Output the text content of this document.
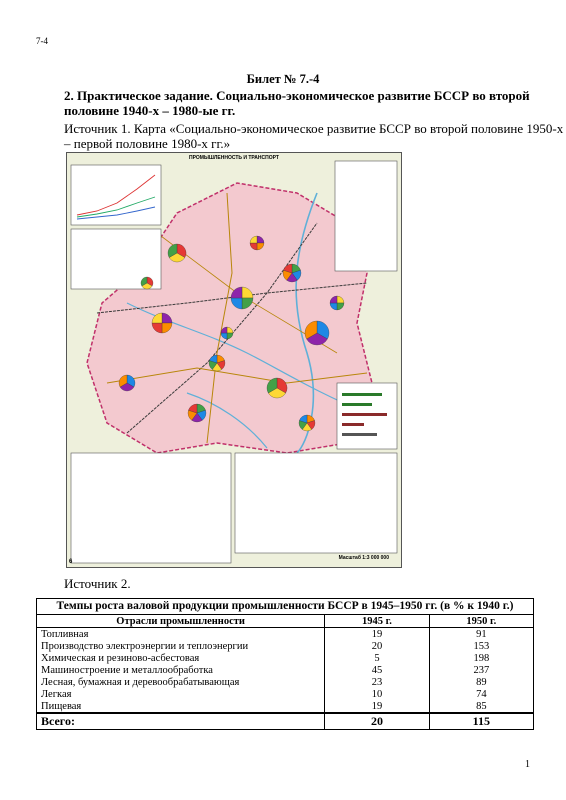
7-4
Билет № 7.-4
2. Практическое задание. Социально-экономическое развитие БССР во второй половине 1940-х – 1980-ые гг.
Источник 1. Карта «Социально-экономическое развитие БССР во второй половине 1950-х – первой половине 1980-х гг.»
ПРОМЫШЛЕННОСТЬ И ТРАНСПОРТ
6
Масштаб 1:3 000 000
Источник 2.
Темпы роста валовой продукции промышленности БССР в 1945–1950 гг. (в % к 1940 г.)		
Отрасли промышленности	1945 г.	1950 г.
Топливная	19	91
Производство электроэнергии и теплоэнергии	20	153
Химическая и резиново-асбестовая	5	198
Машиностроение и металлообработка	45	237
Лесная, бумажная и деревообрабатывающая	23	89
Легкая	10	74
Пищевая	19	85
Всего:	20	115
1
